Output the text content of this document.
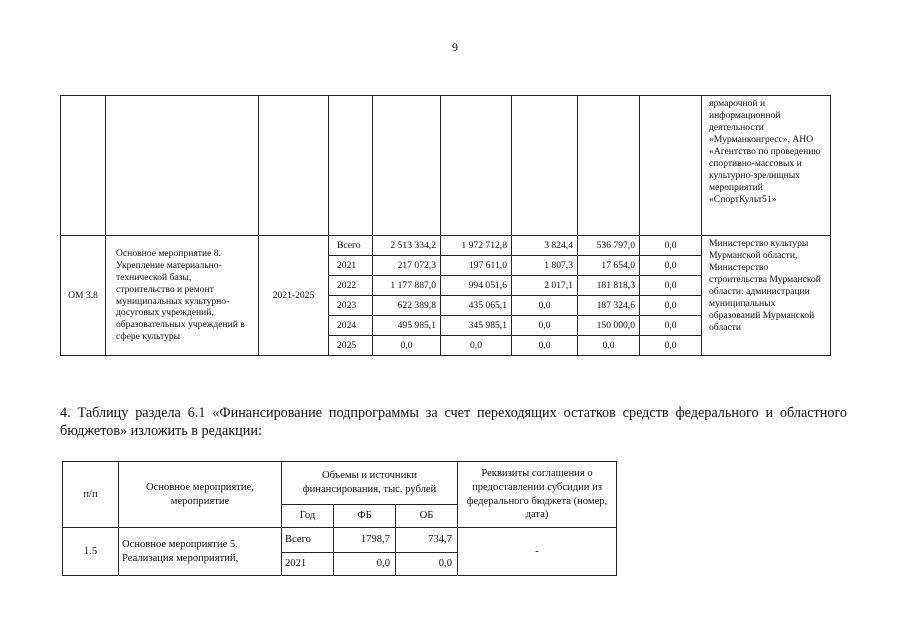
9

									ярмарочной и информационной деятельности «Мурманконгресс», АНО «Агентство по проведению спортивно-массовых и культурно-зрелищных мероприятий «СпортКульт51»

ОМ 3.8	Основное мероприятие 8. Укрепление материально-технической базы, строительство и ремонт муниципальных культурно-досуговых учреждений, образовательных учреждений в сфере культуры	2021-2025	Всего	2 513 334,2	1 972 712,8	3 824,4	536 797,0	0,0	Министерство культуры Мурманской области, Министерство строительства Мурманской области; администрации муниципальных образований Мурманской области

			2021	217 072,3	197 611,0	1 807,3	17 654,0	0,0	
			2022	1 177 887,0	994 051,6	2 017,1	181 818,3	0,0	
			2023	622 389,8	435 065,1	0,0	187 324,6	0,0	
			2024	495 985,1	345 985,1	0,0	150 000,0	0,0	
			2025	0,0	0,0	0,0	0,0	0,0	
4. Таблицу раздела 6.1 «Финансирование подпрограммы за счет переходящих остатков средств федерального и областного бюджетов» изложить в редакции:
п/п	Основное мероприятие, мероприятие	Объемы и источники финансирования, тыс. рублей			Реквизиты соглашения о предоставлении субсидии из федерального бюджета (номер, дата)
		Год	ФБ	ОБ	
1.5	Основное мероприятие 5. Реализация мероприятий,	Всего	1798,7	734,7	-
		2021	0,0	0,0	
